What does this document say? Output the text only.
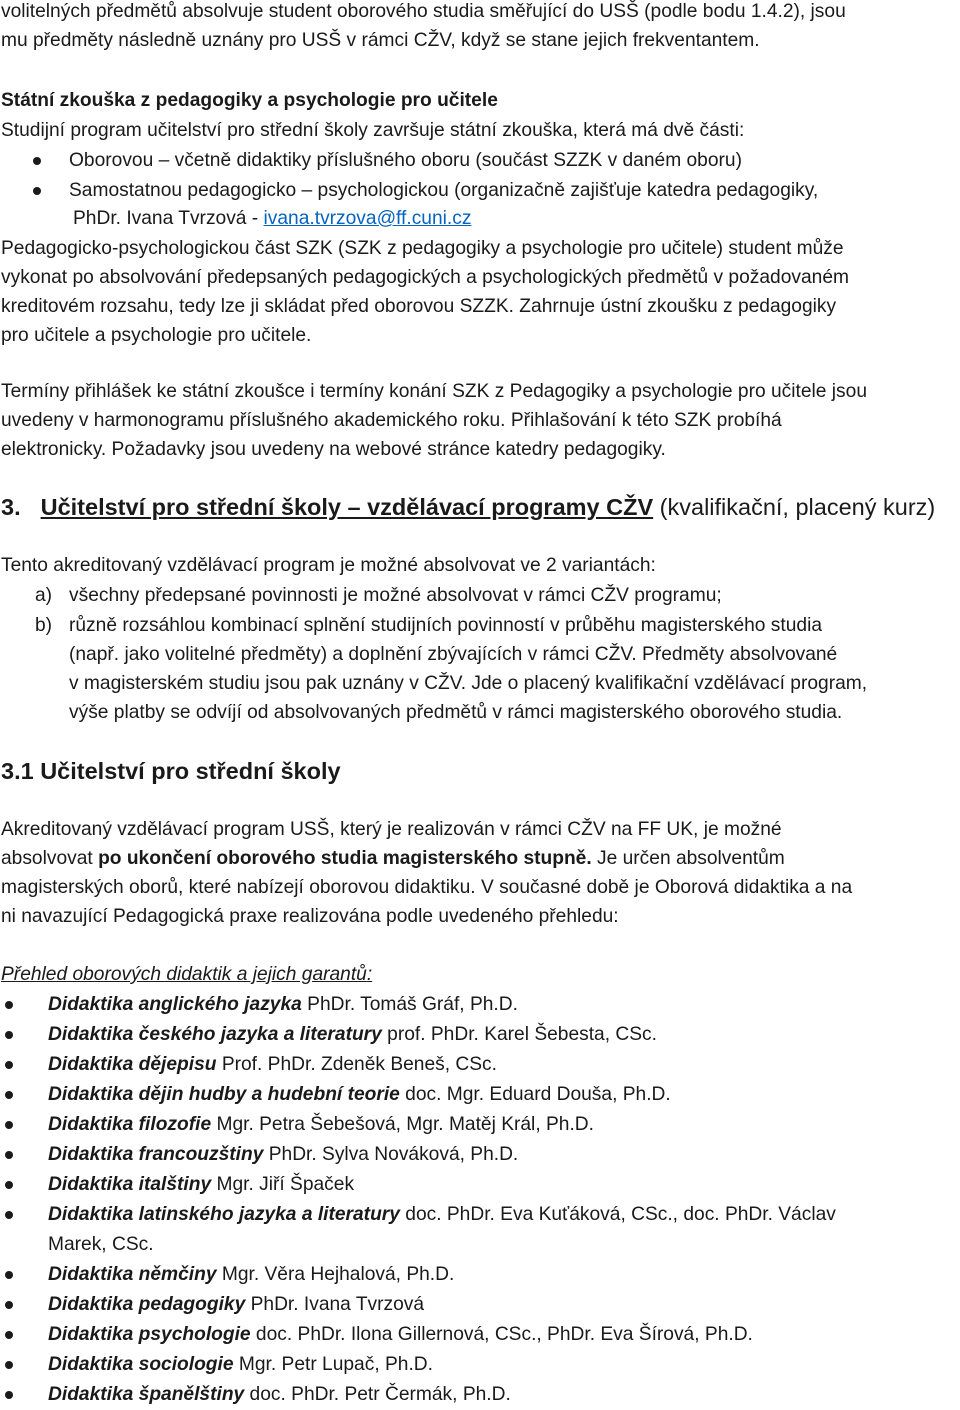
volitelných předmětů absolvuje student oborového studia směřující do USŠ (podle bodu 1.4.2), jsou
mu předměty následně uznány pro USŠ v rámci CŽV, když se stane jejich frekventantem.
Státní zkouška z pedagogiky a psychologie pro učitele
Studijní program učitelství pro střední školy završuje státní zkouška, která má dvě části:
Oborovou – včetně didaktiky příslušného oboru (součást SZZK v daném oboru)
Samostatnou pedagogicko – psychologickou (organizačně zajišťuje katedra pedagogiky,
PhDr. Ivana Tvrzová - ivana.tvrzova@ff.cuni.cz
Pedagogicko-psychologickou část SZK (SZK z pedagogiky a psychologie pro učitele) student může
vykonat po absolvování předepsaných pedagogických a psychologických předmětů v požadovaném
kreditovém rozsahu, tedy lze ji skládat před oborovou SZZK. Zahrnuje ústní zkoušku z pedagogiky
pro učitele a psychologie pro učitele.
Termíny přihlášek ke státní zkoušce i termíny konání SZK z Pedagogiky a psychologie pro učitele jsou
uvedeny v harmonogramu příslušného akademického roku. Přihlašování k této SZK probíhá
elektronicky. Požadavky jsou uvedeny na webové stránce katedry pedagogiky.
3. Učitelství pro střední školy – vzdělávací programy CŽV (kvalifikační, placený kurz)
Tento akreditovaný vzdělávací program je možné absolvovat ve 2 variantách:
a) všechny předepsané povinnosti je možné absolvovat v rámci CŽV programu;
b) různě rozsáhlou kombinací splnění studijních povinností v průběhu magisterského studia
(např. jako volitelné předměty) a doplnění zbývajících v rámci CŽV. Předměty absolvované
v magisterském studiu jsou pak uznány v CŽV. Jde o placený kvalifikační vzdělávací program,
výše platby se odvíjí od absolvovaných předmětů v rámci magisterského oborového studia.
3.1 Učitelství pro střední školy
Akreditovaný vzdělávací program USŠ, který je realizován v rámci CŽV na FF UK, je možné
absolvovat po ukončení oborového studia magisterského stupně. Je určen absolventům
magisterských oborů, které nabízejí oborovou didaktiku. V současné době je Oborová didaktika a na
ni navazující Pedagogická praxe realizována podle uvedeného přehledu:
Přehled oborových didaktik a jejich garantů:
Didaktika anglického jazyka PhDr. Tomáš Gráf, Ph.D.
Didaktika českého jazyka a literatury prof. PhDr. Karel Šebesta, CSc.
Didaktika dějepisu Prof. PhDr. Zdeněk Beneš, CSc.
Didaktika dějin hudby a hudební teorie doc. Mgr. Eduard Douša, Ph.D.
Didaktika filozofie Mgr. Petra Šebešová, Mgr. Matěj Král, Ph.D.
Didaktika francouzštiny PhDr. Sylva Nováková, Ph.D.
Didaktika italštiny Mgr. Jiří Špaček
Didaktika latinského jazyka a literatury doc. PhDr. Eva Kuťáková, CSc., doc. PhDr. Václav
Marek, CSc.
Didaktika němčiny Mgr. Věra Hejhalová, Ph.D.
Didaktika pedagogiky PhDr. Ivana Tvrzová
Didaktika psychologie doc. PhDr. Ilona Gillernová, CSc., PhDr. Eva Šírová, Ph.D.
Didaktika sociologie Mgr. Petr Lupač, Ph.D.
Didaktika španělštiny doc. PhDr. Petr Čermák, Ph.D.
